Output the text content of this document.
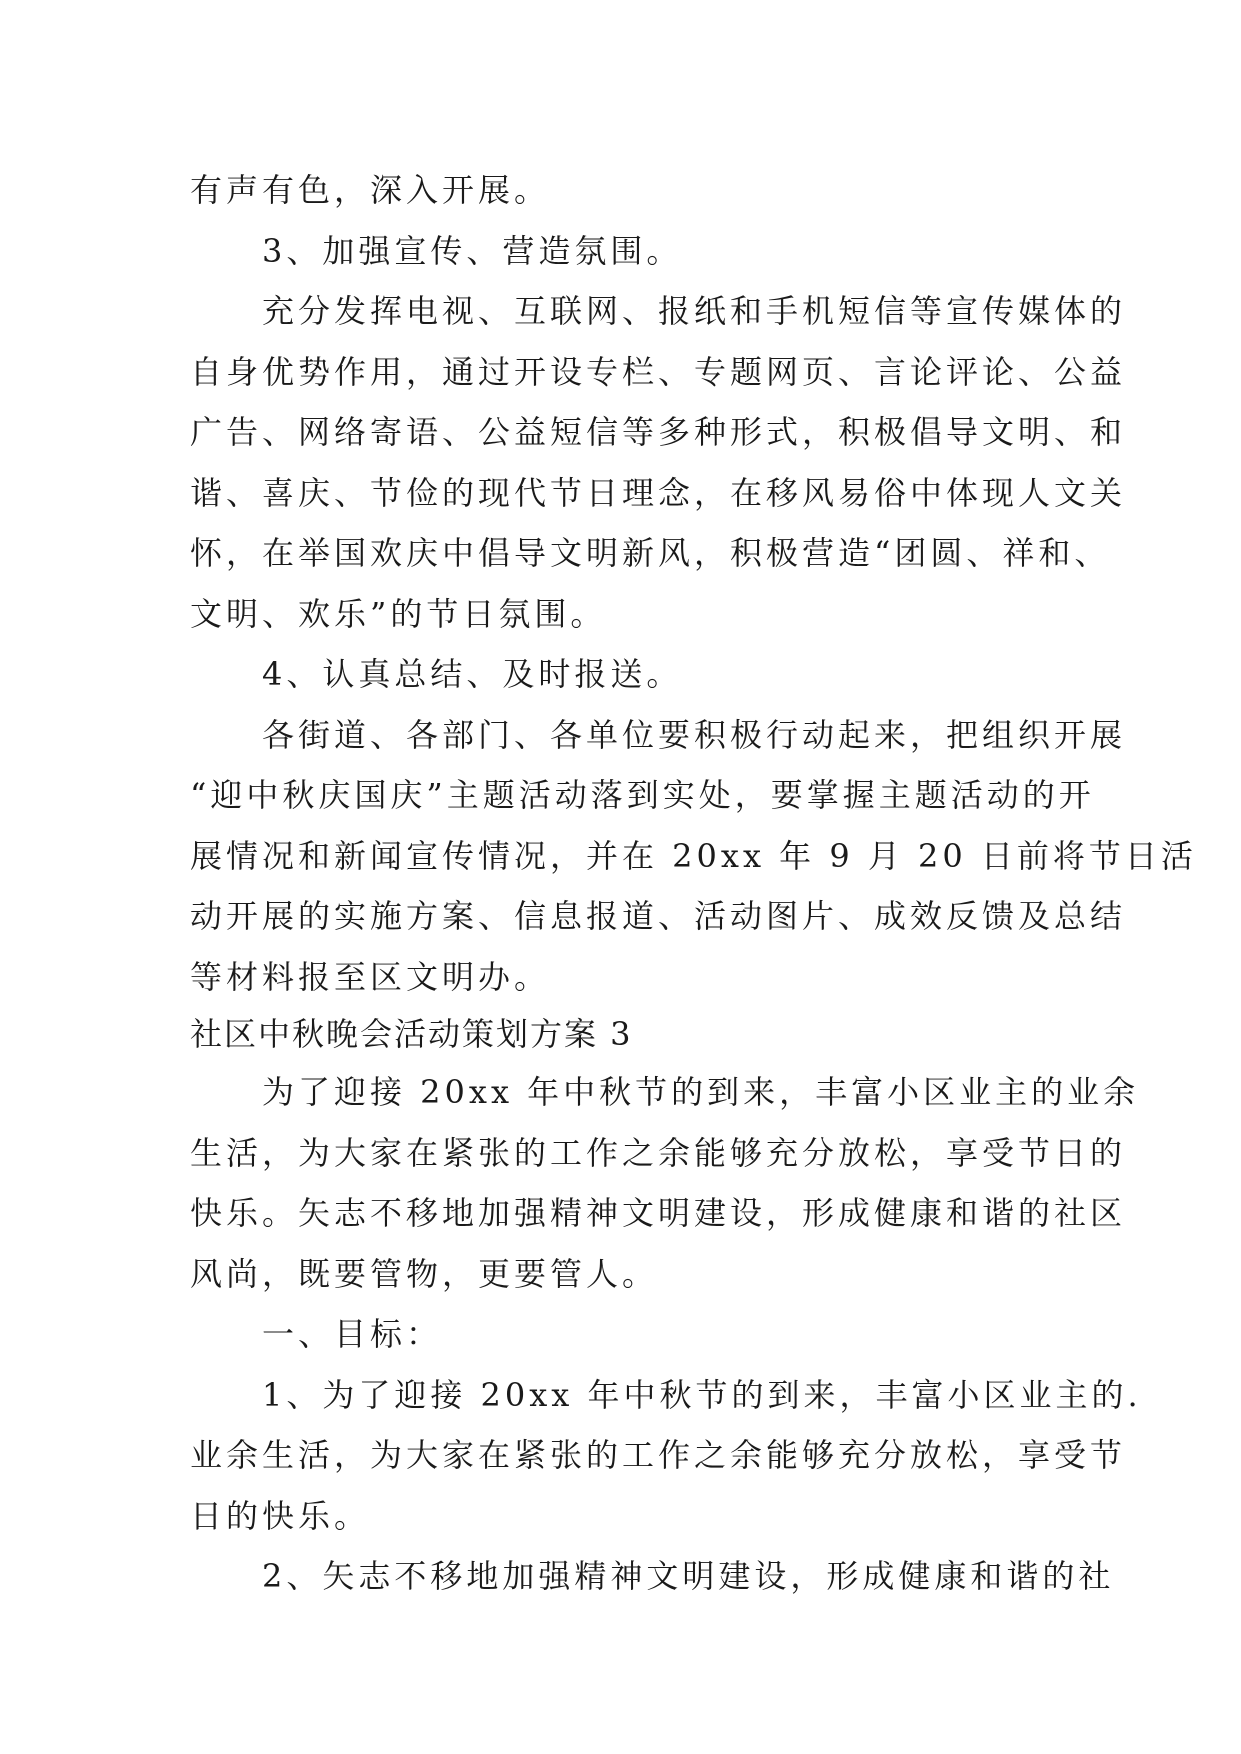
有声有色，深入开展。
　　3、加强宣传、营造氛围。
　　充分发挥电视、互联网、报纸和手机短信等宣传媒体的
自身优势作用，通过开设专栏、专题网页、言论评论、公益
广告、网络寄语、公益短信等多种形式，积极倡导文明、和
谐、喜庆、节俭的现代节日理念，在移风易俗中体现人文关
怀，在举国欢庆中倡导文明新风，积极营造“团圆、祥和、
文明、欢乐”的节日氛围。
　　4、认真总结、及时报送。
　　各街道、各部门、各单位要积极行动起来，把组织开展
“迎中秋庆国庆”主题活动落到实处，要掌握主题活动的开
展情况和新闻宣传情况，并在 20xx 年 9 月 20 日前将节日活
动开展的实施方案、信息报道、活动图片、成效反馈及总结
等材料报至区文明办。
社区中秋晚会活动策划方案 3
　　为了迎接 20xx 年中秋节的到来，丰富小区业主的业余
生活，为大家在紧张的工作之余能够充分放松，享受节日的
快乐。矢志不移地加强精神文明建设，形成健康和谐的社区
风尚，既要管物，更要管人。
　　一、目标：
　　1、为了迎接 20xx 年中秋节的到来，丰富小区业主的.
业余生活，为大家在紧张的工作之余能够充分放松，享受节
日的快乐。
　　2、矢志不移地加强精神文明建设，形成健康和谐的社
